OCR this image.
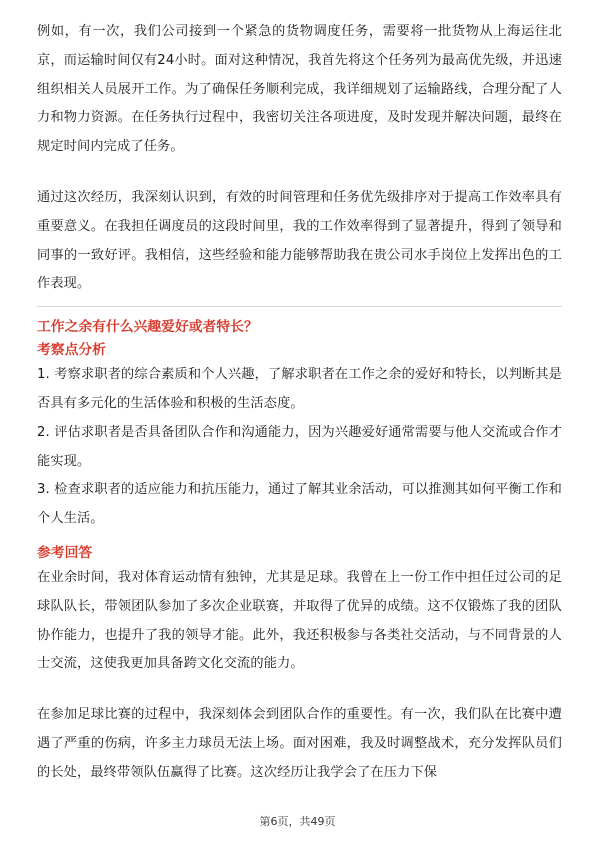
例如，有一次，我们公司接到一个紧急的货物调度任务，需要将一批货物从上海运往北京，而运输时间仅有24小时。面对这种情况，我首先将这个任务列为最高优先级，并迅速组织相关人员展开工作。为了确保任务顺利完成，我详细规划了运输路线，合理分配了人力和物力资源。在任务执行过程中，我密切关注各项进度，及时发现并解决问题，最终在规定时间内完成了任务。

通过这次经历，我深刻认识到，有效的时间管理和任务优先级排序对于提高工作效率具有重要意义。在我担任调度员的这段时间里，我的工作效率得到了显著提升，得到了领导和同事的一致好评。我相信，这些经验和能力能够帮助我在贵公司水手岗位上发挥出色的工作表现。

工作之余有什么兴趣爱好或者特长？
考察点分析

1. 考察求职者的综合素质和个人兴趣，了解求职者在工作之余的爱好和特长，以判断其是否具有多元化的生活体验和积极的生活态度。

2. 评估求职者是否具备团队合作和沟通能力，因为兴趣爱好通常需要与他人交流或合作才能实现。

3. 检查求职者的适应能力和抗压能力，通过了解其业余活动，可以推测其如何平衡工作和个人生活。

参考回答

在业余时间，我对体育运动情有独钟，尤其是足球。我曾在上一份工作中担任过公司的足球队队长，带领团队参加了多次企业联赛，并取得了优异的成绩。这不仅锻炼了我的团队协作能力，也提升了我的领导才能。此外，我还积极参与各类社交活动，与不同背景的人士交流，这使我更加具备跨文化交流的能力。

在参加足球比赛的过程中，我深刻体会到团队合作的重要性。有一次，我们队在比赛中遭遇了严重的伤病，许多主力球员无法上场。面对困难，我及时调整战术，充分发挥队员们的长处，最终带领队伍赢得了比赛。这次经历让我学会了在压力下保

第6页，共49页
